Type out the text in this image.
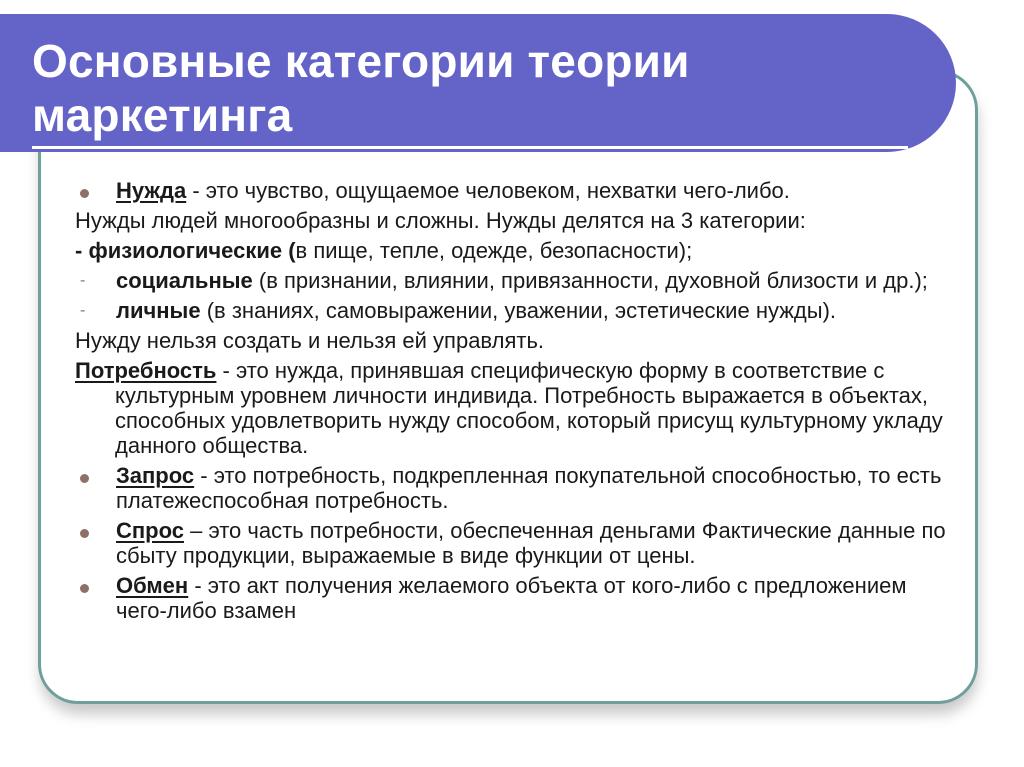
Основные категории теории
маркетинга
Нужда - это чувство, ощущаемое человеком, нехватки чего-либо.
Нужды людей многообразны и сложны. Нужды делятся на 3 категории:
- физиологические (в пище, тепле, одежде, безопасности);
-	социальные (в признании, влиянии, привязанности, духовной близости и др.);
-	личные (в знаниях, самовыражении, уважении, эстетические нужды).
Нужду нельзя создать и нельзя ей управлять.
Потребность - это нужда, принявшая специфическую форму в соответствие с культурным уровнем личности индивида. Потребность выражается в объектах, способных удовлетворить нужду способом, который присущ культурному укладу данного общества.
Запрос - это потребность, подкрепленная покупательной способностью, то есть платежеспособная потребность.
Спрос – это часть потребности, обеспеченная деньгами Фактические данные по сбыту продукции, выражаемые в виде функции от цены.
Обмен - это акт получения желаемого объекта от кого-либо с предложением чего-либо взамен
